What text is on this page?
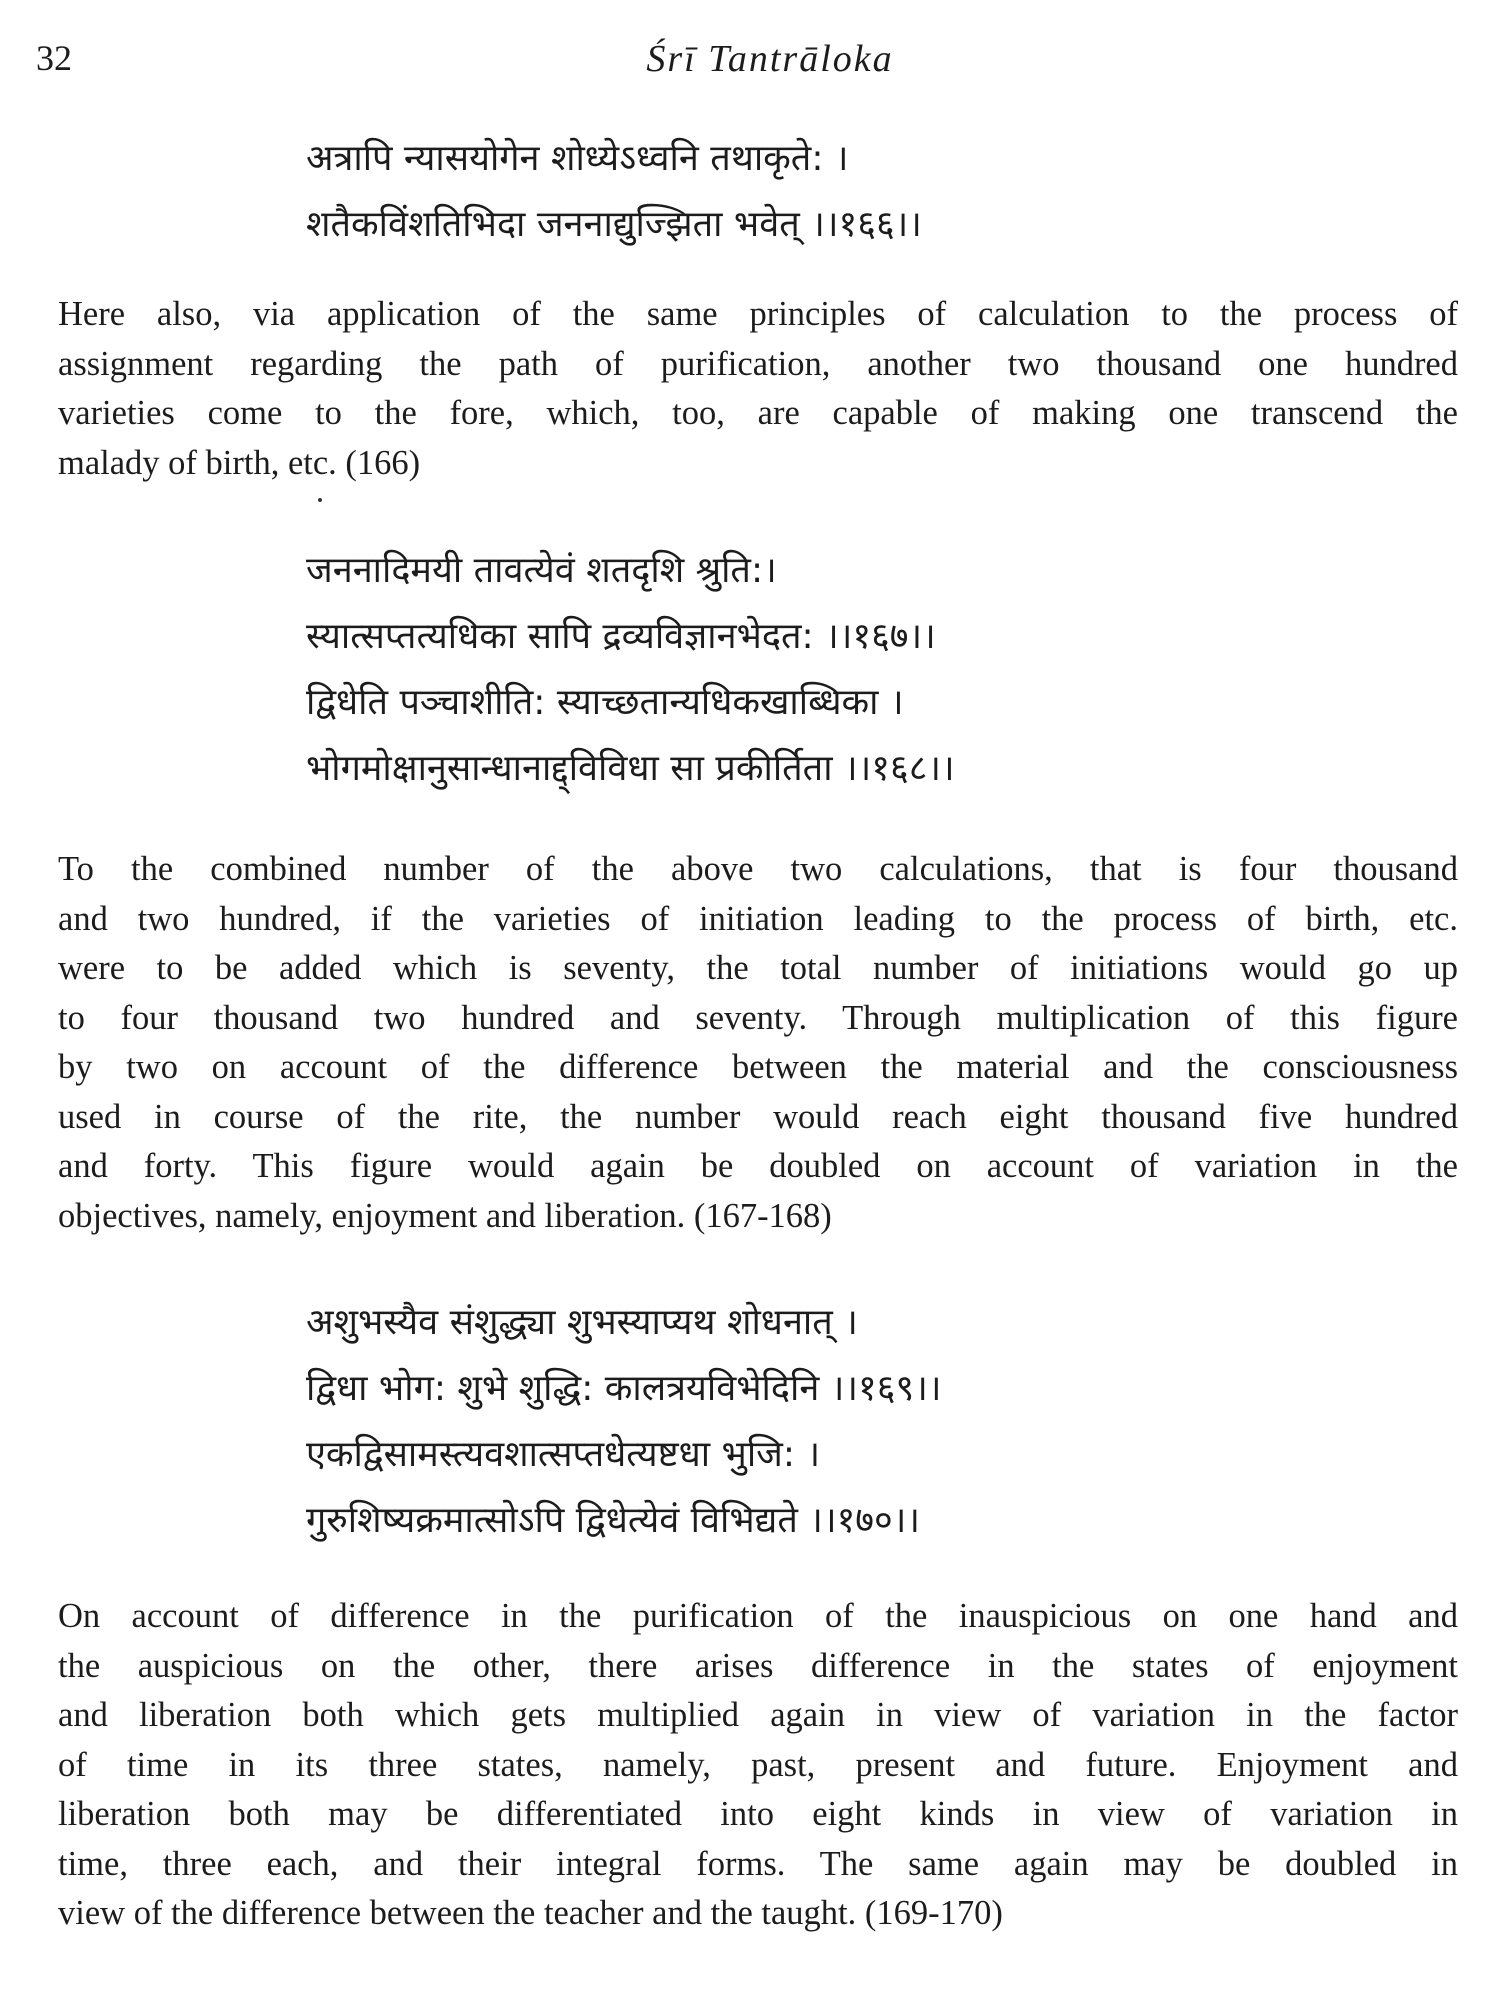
32	Śrī Tantrāloka
अत्रापि न्यासयोगेन शोध्येऽध्वनि तथाकृते: ।
शतैकविंशतिभिदा जननाद्युज्झिता भवेत् ।।१६६।।

Here also, via application of the same principles of calculation to the process of
assignment regarding the path of purification, another two thousand one hundred
varieties come to the fore, which, too, are capable of making one transcend the
malady of birth, etc. (166)

जननादिमयी तावत्येवं शतदृशि श्रुति:।
स्यात्सप्तत्यधिका सापि द्रव्यविज्ञानभेदत: ।।१६७।।
द्विधेति पञ्चाशीति: स्याच्छतान्यधिकखाब्धिका ।
भोगमोक्षानुसान्धानाद्द्विविधा सा प्रकीर्तिता ।।१६८।।

To the combined number of the above two calculations, that is four thousand
and two hundred, if the varieties of initiation leading to the process of birth, etc.
were to be added which is seventy, the total number of initiations would go up
to four thousand two hundred and seventy. Through multiplication of this figure
by two on account of the difference between the material and the consciousness
used in course of the rite, the number would reach eight thousand five hundred
and forty. This figure would again be doubled on account of variation in the
objectives, namely, enjoyment and liberation. (167-168)

अशुभस्यैव संशुद्ध्या शुभस्याप्यथ शोधनात् ।
द्विधा भोग: शुभे शुद्धि: कालत्रयविभेदिनि ।।१६९।।
एकद्विसामस्त्यवशात्सप्तधेत्यष्टधा भुजि: ।
गुरुशिष्यक्रमात्सोऽपि द्विधेत्येवं विभिद्यते ।।१७०।।

On account of difference in the purification of the inauspicious on one hand and
the auspicious on the other, there arises difference in the states of enjoyment
and liberation both which gets multiplied again in view of variation in the factor
of time in its three states, namely, past, present and future. Enjoyment and
liberation both may be differentiated into eight kinds in view of variation in
time, three each, and their integral forms. The same again may be doubled in
view of the difference between the teacher and the taught. (169-170)
